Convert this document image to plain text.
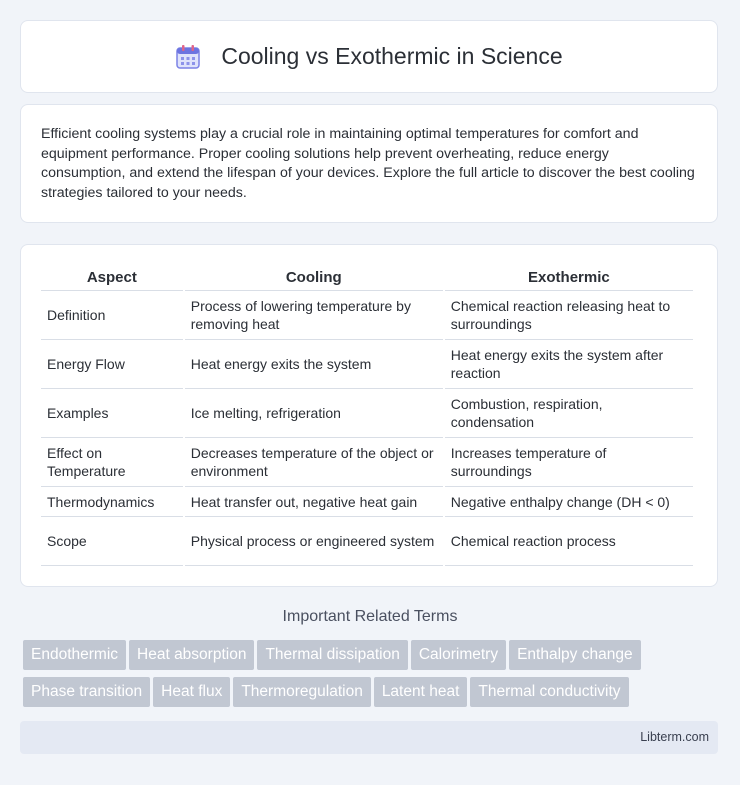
Cooling vs Exothermic in Science

Efficient cooling systems play a crucial role in maintaining optimal temperatures for comfort and equipment performance. Proper cooling solutions help prevent overheating, reduce energy consumption, and extend the lifespan of your devices. Explore the full article to discover the best cooling strategies tailored to your needs.

Aspect	Cooling	Exothermic
Definition	Process of lowering temperature by removing heat	Chemical reaction releasing heat to surroundings
Energy Flow	Heat energy exits the system	Heat energy exits the system after reaction
Examples	Ice melting, refrigeration	Combustion, respiration, condensation
Effect on Temperature	Decreases temperature of the object or environment	Increases temperature of surroundings
Thermodynamics	Heat transfer out, negative heat gain	Negative enthalpy change (DH < 0)
Scope	Physical process or engineered system	Chemical reaction process
Important Related Terms
Endothermic Heat absorption Thermal dissipation Calorimetry Enthalpy change
Phase transition Heat flux Thermoregulation Latent heat Thermal conductivity
Libterm.com
